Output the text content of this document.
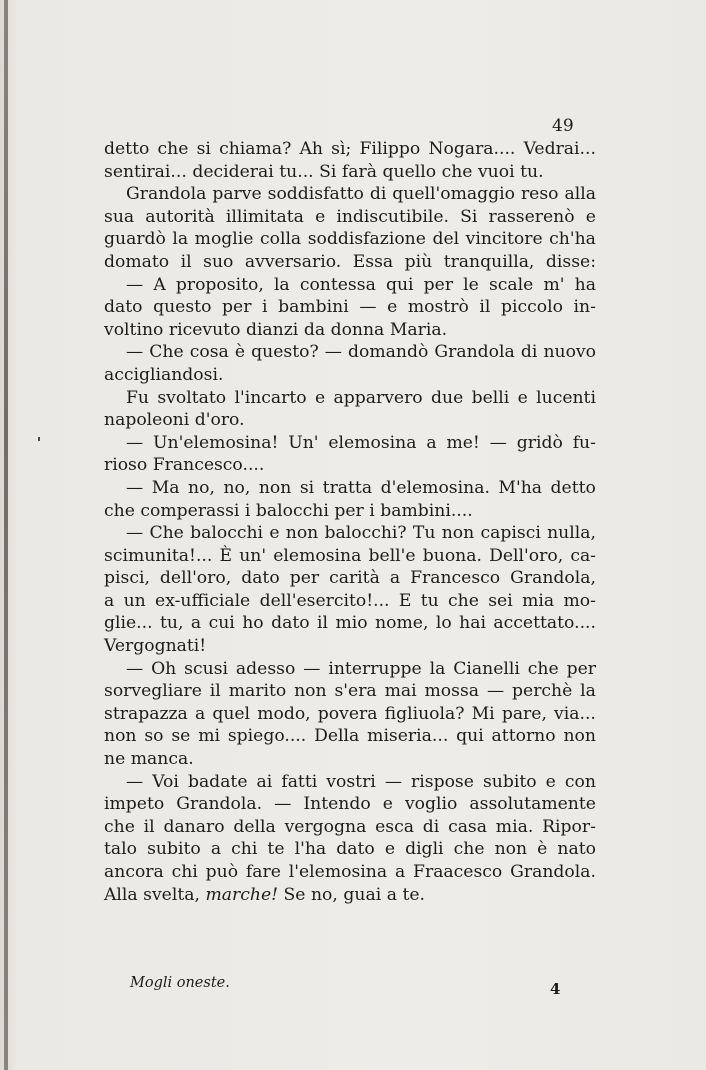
49
detto che si chiama? Ah sì; Filippo Nogara.... Vedrai...
sentirai... deciderai tu... Si farà quello che vuoi tu.
Grandola parve soddisfatto di quell'omaggio reso alla
sua autorità illimitata e indiscutibile. Si rasserenò e
guardò la moglie colla soddisfazione del vincitore ch'ha
domato il suo avversario. Essa più tranquilla, disse:
— A proposito, la contessa qui per le scale m' ha
dato questo per i bambini — e mostrò il piccolo in-
voltino ricevuto dianzi da donna Maria.
— Che cosa è questo? — domandò Grandola di nuovo
accigliandosi.
Fu svoltato l'incarto e apparvero due belli e lucenti
napoleoni d'oro.
— Un'elemosina! Un' elemosina a me! — gridò fu-
rioso Francesco....
— Ma no, no, non si tratta d'elemosina. M'ha detto
che comperassi i balocchi per i bambini....
— Che balocchi e non balocchi? Tu non capisci nulla,
scimunita!... È un' elemosina bell'e buona. Dell'oro, ca-
pisci, dell'oro, dato per carità a Francesco Grandola,
a un ex-ufficiale dell'esercito!... E tu che sei mia mo-
glie... tu, a cui ho dato il mio nome, lo hai accettato....
Vergognati!
— Oh scusi adesso — interruppe la Cianelli che per
sorvegliare il marito non s'era mai mossa — perchè la
strapazza a quel modo, povera figliuola? Mi pare, via...
non so se mi spiego.... Della miseria... qui attorno non
ne manca.
— Voi badate ai fatti vostri — rispose subito e con
impeto Grandola. — Intendo e voglio assolutamente
che il danaro della vergogna esca di casa mia. Ripor-
talo subito a chi te l'ha dato e digli che non è nato
ancora chi può fare l'elemosina a Fraacesco Grandola.
Alla svelta, marche! Se no, guai a te.
Mogli oneste.	4
